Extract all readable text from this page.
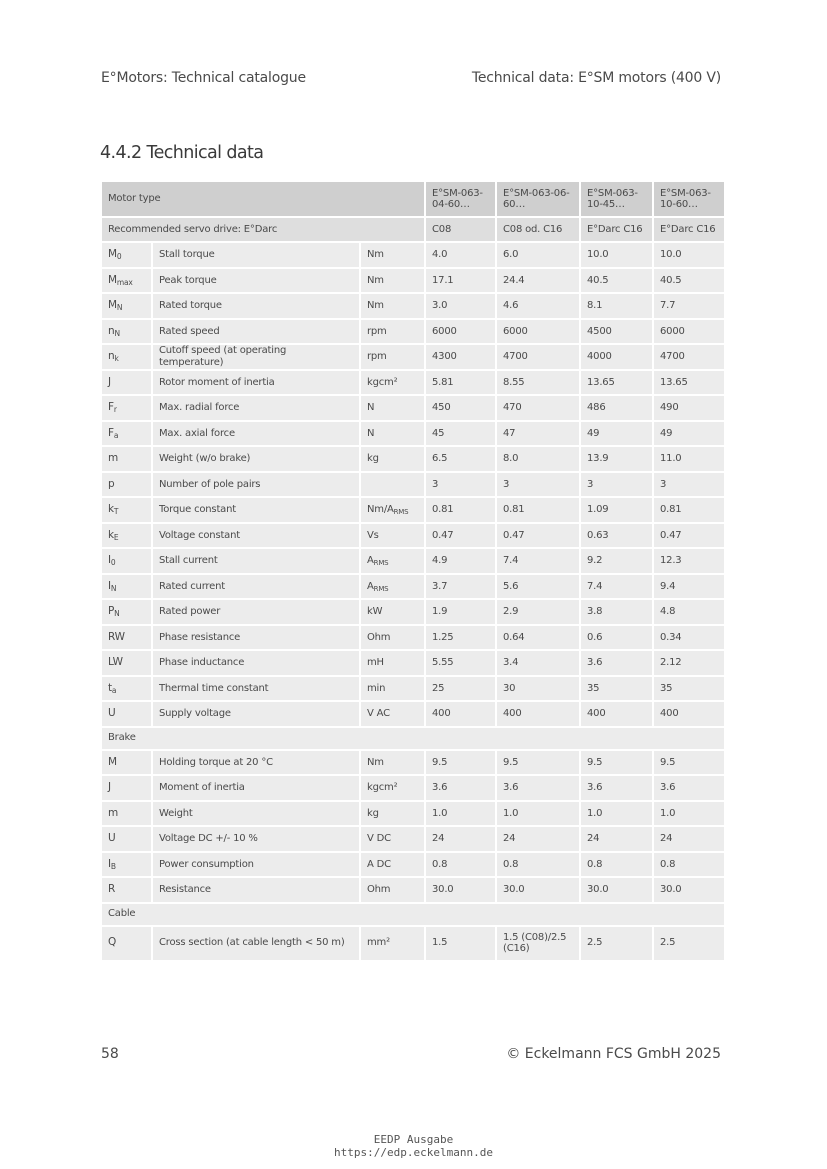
E°Motors: Technical catalogue	Technical data: E°SM motors (400 V)
4.4.2 Technical data
Motor type			E°SM-063-04-60…	E°SM-063-06-60…	E°SM-063-10-45…	E°SM-063-10-60…
Recommended servo drive: E°Darc			C08	C08 od. C16	E°Darc C16	E°Darc C16
$M_0$	Stall torque	Nm	4.0	6.0	10.0	10.0
$M_{max}$	Peak torque	Nm	17.1	24.4	40.5	40.5
$M_N$	Rated torque	Nm	3.0	4.6	8.1	7.7
$n_N$	Rated speed	rpm	6000	6000	4500	6000
$n_k$	Cutoff speed (at operating temperature)	rpm	4300	4700	4000	4700
J	Rotor moment of inertia	kgcm²	5.81	8.55	13.65	13.65
$F_r$	Max. radial force	N	450	470	486	490
$F_a$	Max. axial force	N	45	47	49	49
m	Weight (w/o brake)	kg	6.5	8.0	13.9	11.0
p	Number of pole pairs		3	3	3	3
$k_T$	Torque constant	$Nm/A_{RMS}$	0.81	0.81	1.09	0.81
$k_E$	Voltage constant	Vs	0.47	0.47	0.63	0.47
$I_0$	Stall current	$A_{RMS}$	4.9	7.4	9.2	12.3
$I_N$	Rated current	$A_{RMS}$	3.7	5.6	7.4	9.4
$P_N$	Rated power	kW	1.9	2.9	3.8	4.8
RW	Phase resistance	Ohm	1.25	0.64	0.6	0.34
LW	Phase inductance	mH	5.55	3.4	3.6	2.12
$t_a$	Thermal time constant	min	25	30	35	35
U	Supply voltage	V AC	400	400	400	400
Brake						
M	Holding torque at 20 °C	Nm	9.5	9.5	9.5	9.5
J	Moment of inertia	kgcm²	3.6	3.6	3.6	3.6
m	Weight	kg	1.0	1.0	1.0	1.0
U	Voltage DC +/- 10 %	V DC	24	24	24	24
$I_B$	Power consumption	A DC	0.8	0.8	0.8	0.8
R	Resistance	Ohm	30.0	30.0	30.0	30.0
Cable						
Q	Cross section (at cable length < 50 m)	mm²	1.5	1.5 (C08)/2.5 (C16)	2.5	2.5
58	© Eckelmann FCS GmbH 2025
EEDP Ausgabe
https://edp.eckelmann.de
